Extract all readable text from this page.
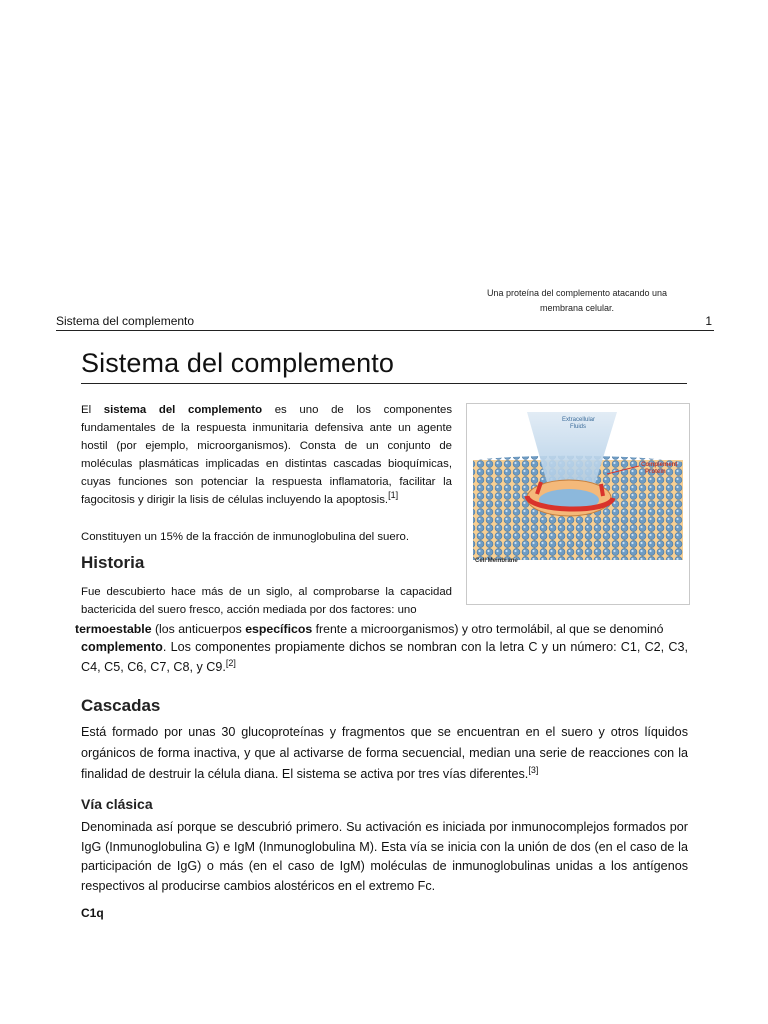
Una proteína del complemento atacando una
membrana celular.
Sistema del complemento	1
Sistema del complemento

El sistema del complemento es uno de los componentes fundamentales de la respuesta inmunitaria defensiva ante un agente hostil (por ejemplo, microorganismos). Consta de un conjunto de moléculas plasmáticas implicadas en distintas cascadas bioquímicas, cuyas funciones son potenciar la respuesta inflamatoria, facilitar la fagocitosis y dirigir la lisis de células incluyendo la apoptosis.[1]

Constituyen un 15% de la fracción de inmunoglobulina del suero.

Extracellular
Fluids
Complement
Protein
Cell Membrane
Historia

Fue descubierto hace más de un siglo, al comprobarse la capacidad bactericida del suero fresco, acción mediada por dos factores: uno

termoestable (los anticuerpos específicos frente a microorganismos) y otro termolábil, al que se denominó

complemento. Los componentes propiamente dichos se nombran con la letra C y un número: C1, C2, C3, C4, C5, C6, C7, C8, y C9.[2]

Cascadas

Está formado por unas 30 glucoproteínas y fragmentos que se encuentran en el suero y otros líquidos orgánicos de forma inactiva, y que al activarse de forma secuencial, median una serie de reacciones con la finalidad de destruir la célula diana. El sistema se activa por tres vías diferentes.[3]

Vía clásica

Denominada así porque se descubrió primero. Su activación es iniciada por inmunocomplejos formados por IgG (Inmunoglobulina G) e IgM (Inmunoglobulina M). Esta vía se inicia con la unión de dos (en el caso de la participación de IgG) o más (en el caso de IgM) moléculas de inmunoglobulinas unidas a los antígenos respectivos al producirse cambios alostéricos en el extremo Fc.

C1q
